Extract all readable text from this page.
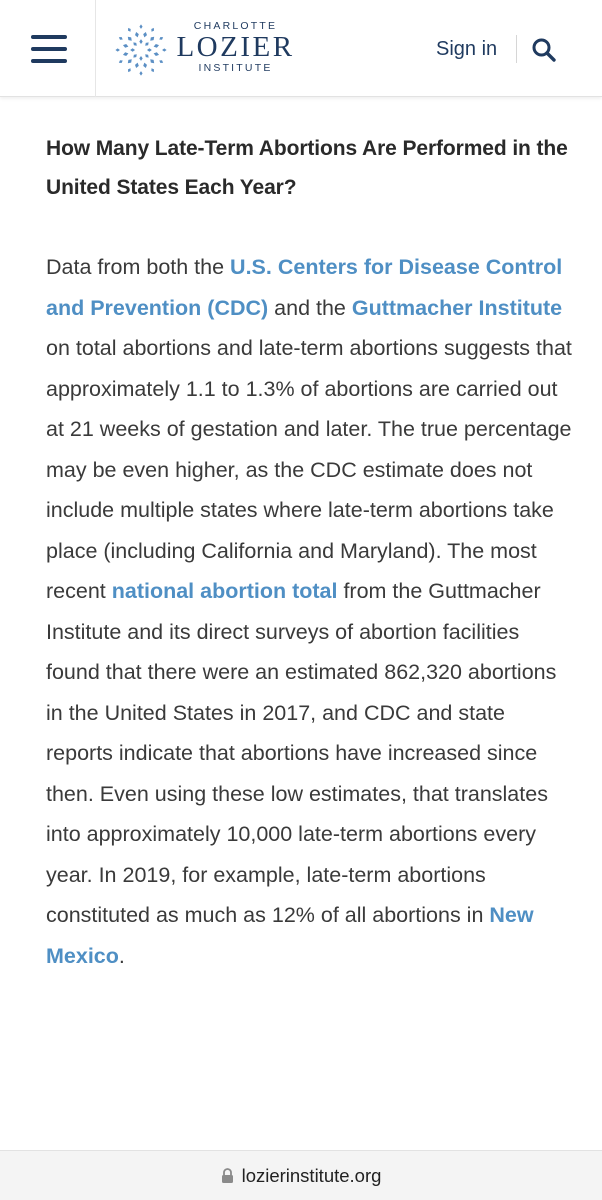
CHARLOTTE
LOZIER
INSTITUTE
Sign in
How Many Late-Term Abortions Are Performed in the United States Each Year?

Data from both the U.S. Centers for Disease Control and Prevention (CDC) and the Guttmacher Institute on total abortions and late-term abortions suggests that approximately 1.1 to 1.3% of abortions are carried out at 21 weeks of gestation and later. The true percentage may be even higher, as the CDC estimate does not include multiple states where late-term abortions take place (including California and Maryland). The most recent national abortion total from the Guttmacher Institute and its direct surveys of abortion facilities found that there were an estimated 862,320 abortions in the United States in 2017, and CDC and state reports indicate that abortions have increased since then. Even using these low estimates, that translates into approximately 10,000 late-term abortions every year. In 2019, for example, late-term abortions constituted as much as 12% of all abortions in New Mexico.

lozierinstitute.org
